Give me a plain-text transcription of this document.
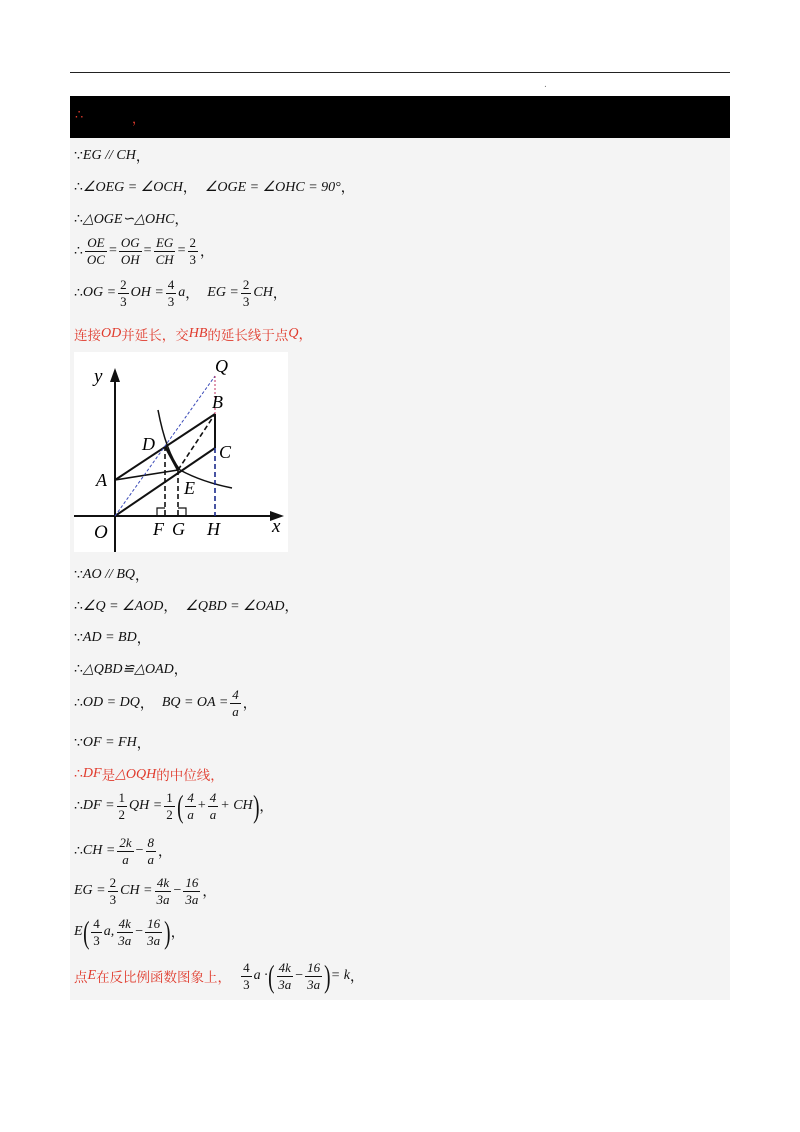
.
∴	，
∵ EG // CH ，
∴ ∠OEG = ∠OCH ， ∠OGE = ∠OHC = 90° ，
∴ △OGE∽△OHC ，
∴ $\frac{OE}{OC} = \frac{OG}{OH} = \frac{EG}{CH} = \frac{2}{3}$ ，
∴ OG = $\frac{2}{3}$ OH = $\frac{4}{3}$ a ， EG = $\frac{2}{3}$ CH ，
连接 OD 并延长，交 HB 的延长线于点 Q ，
y
x
O
A
B
C
D
E
F G H
Q
∵ AO // BQ ，
∴ ∠Q = ∠AOD ， ∠QBD = ∠OAD ，
∵ AD = BD ，
∴ △QBD≌△OAD ，
∴ OD = DQ ， BQ = OA = $\frac{4}{a}$ ，
∵ OF = FH ，
∴ DF 是 △OQH 的中位线，
∴ DF = $\frac{1}{2}$ QH = $\frac{1}{2}$ ( $\frac{4}{a} + \frac{4}{a}$ + CH ) ，
∴ CH = $\frac{2k}{a} - \frac{8}{a}$ ，
EG = $\frac{2}{3}$ CH = $\frac{4k}{3a} - \frac{16}{3a}$ ，
E ( $\frac{4}{3} a$, $\frac{4k}{3a} - \frac{16}{3a}$ ) ，
点 E 在反比例函数图象上， $\frac{4}{3}$ a · ( $\frac{4k}{3a} - \frac{16}{3a}$ ) = k ，
